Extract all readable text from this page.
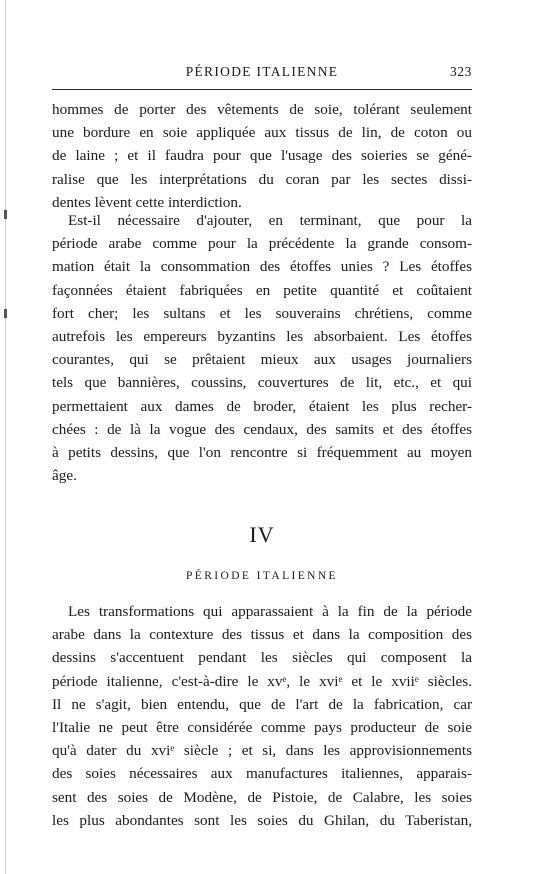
PÉRIODE ITALIENNE	323
hommes de porter des vêtements de soie, tolérant seulement
une bordure en soie appliquée aux tissus de lin, de coton ou
de laine ; et il faudra pour que l'usage des soieries se géné-
ralise que les interprétations du coran par les sectes dissi-
dentes lèvent cette interdiction.
Est-il nécessaire d'ajouter, en terminant, que pour la
période arabe comme pour la précédente la grande consom-
mation était la consommation des étoffes unies ? Les étoffes
façonnées étaient fabriquées en petite quantité et coûtaient
fort cher; les sultans et les souverains chrétiens, comme
autrefois les empereurs byzantins les absorbaient. Les étoffes
courantes, qui se prêtaient mieux aux usages journaliers
tels que bannières, coussins, couvertures de lit, etc., et qui
permettaient aux dames de broder, étaient les plus recher-
chées : de là la vogue des cendaux, des samits et des étoffes
à petits dessins, que l'on rencontre si fréquemment au moyen
âge.
IV
PÉRIODE ITALIENNE
Les transformations qui apparassaient à la fin de la période
arabe dans la contexture des tissus et dans la composition des
dessins s'accentuent pendant les siècles qui composent la
période italienne, c'est-à-dire le xvᵉ, le xviᵉ et le xviiᵉ siècles.
Il ne s'agit, bien entendu, que de l'art de la fabrication, car
l'Italie ne peut être considérée comme pays producteur de soie
qu'à dater du xviᵉ siècle ; et si, dans les approvisionnements
des soies nécessaires aux manufactures italiennes, apparais-
sent des soies de Modène, de Pistoie, de Calabre, les soies
les plus abondantes sont les soies du Ghilan, du Taberistan,
